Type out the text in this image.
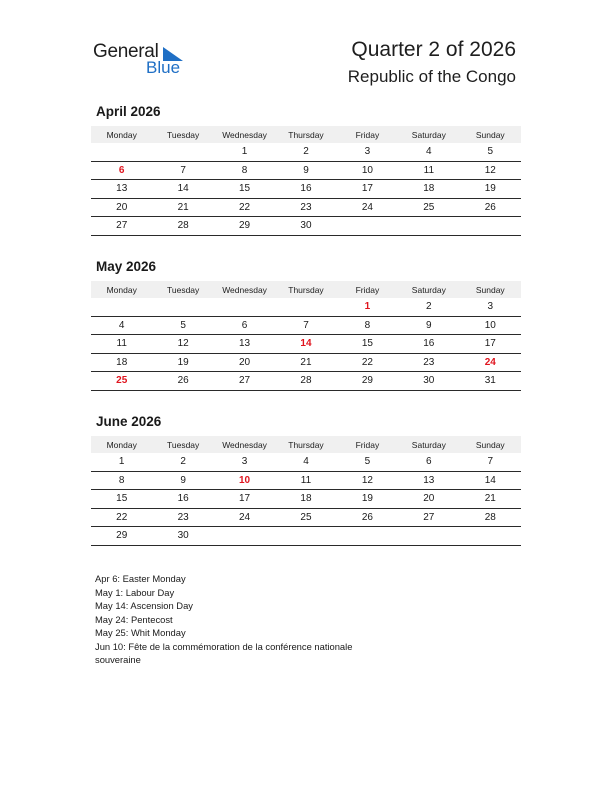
General
Blue
Quarter 2 of 2026
Republic of the Congo
April 2026
Monday	Tuesday	Wednesday	Thursday	Friday	Saturday	Sunday
		1	2	3	4	5
6	7	8	9	10	11	12
13	14	15	16	17	18	19
20	21	22	23	24	25	26
27	28	29	30			
May 2026
Monday	Tuesday	Wednesday	Thursday	Friday	Saturday	Sunday
				1	2	3
4	5	6	7	8	9	10
11	12	13	14	15	16	17
18	19	20	21	22	23	24
25	26	27	28	29	30	31
June 2026
Monday	Tuesday	Wednesday	Thursday	Friday	Saturday	Sunday
1	2	3	4	5	6	7
8	9	10	11	12	13	14
15	16	17	18	19	20	21
22	23	24	25	26	27	28
29	30					
Apr 6: Easter Monday
May 1: Labour Day
May 14: Ascension Day
May 24: Pentecost
May 25: Whit Monday
Jun 10: Fête de la commémoration de la conférence nationale souveraine
